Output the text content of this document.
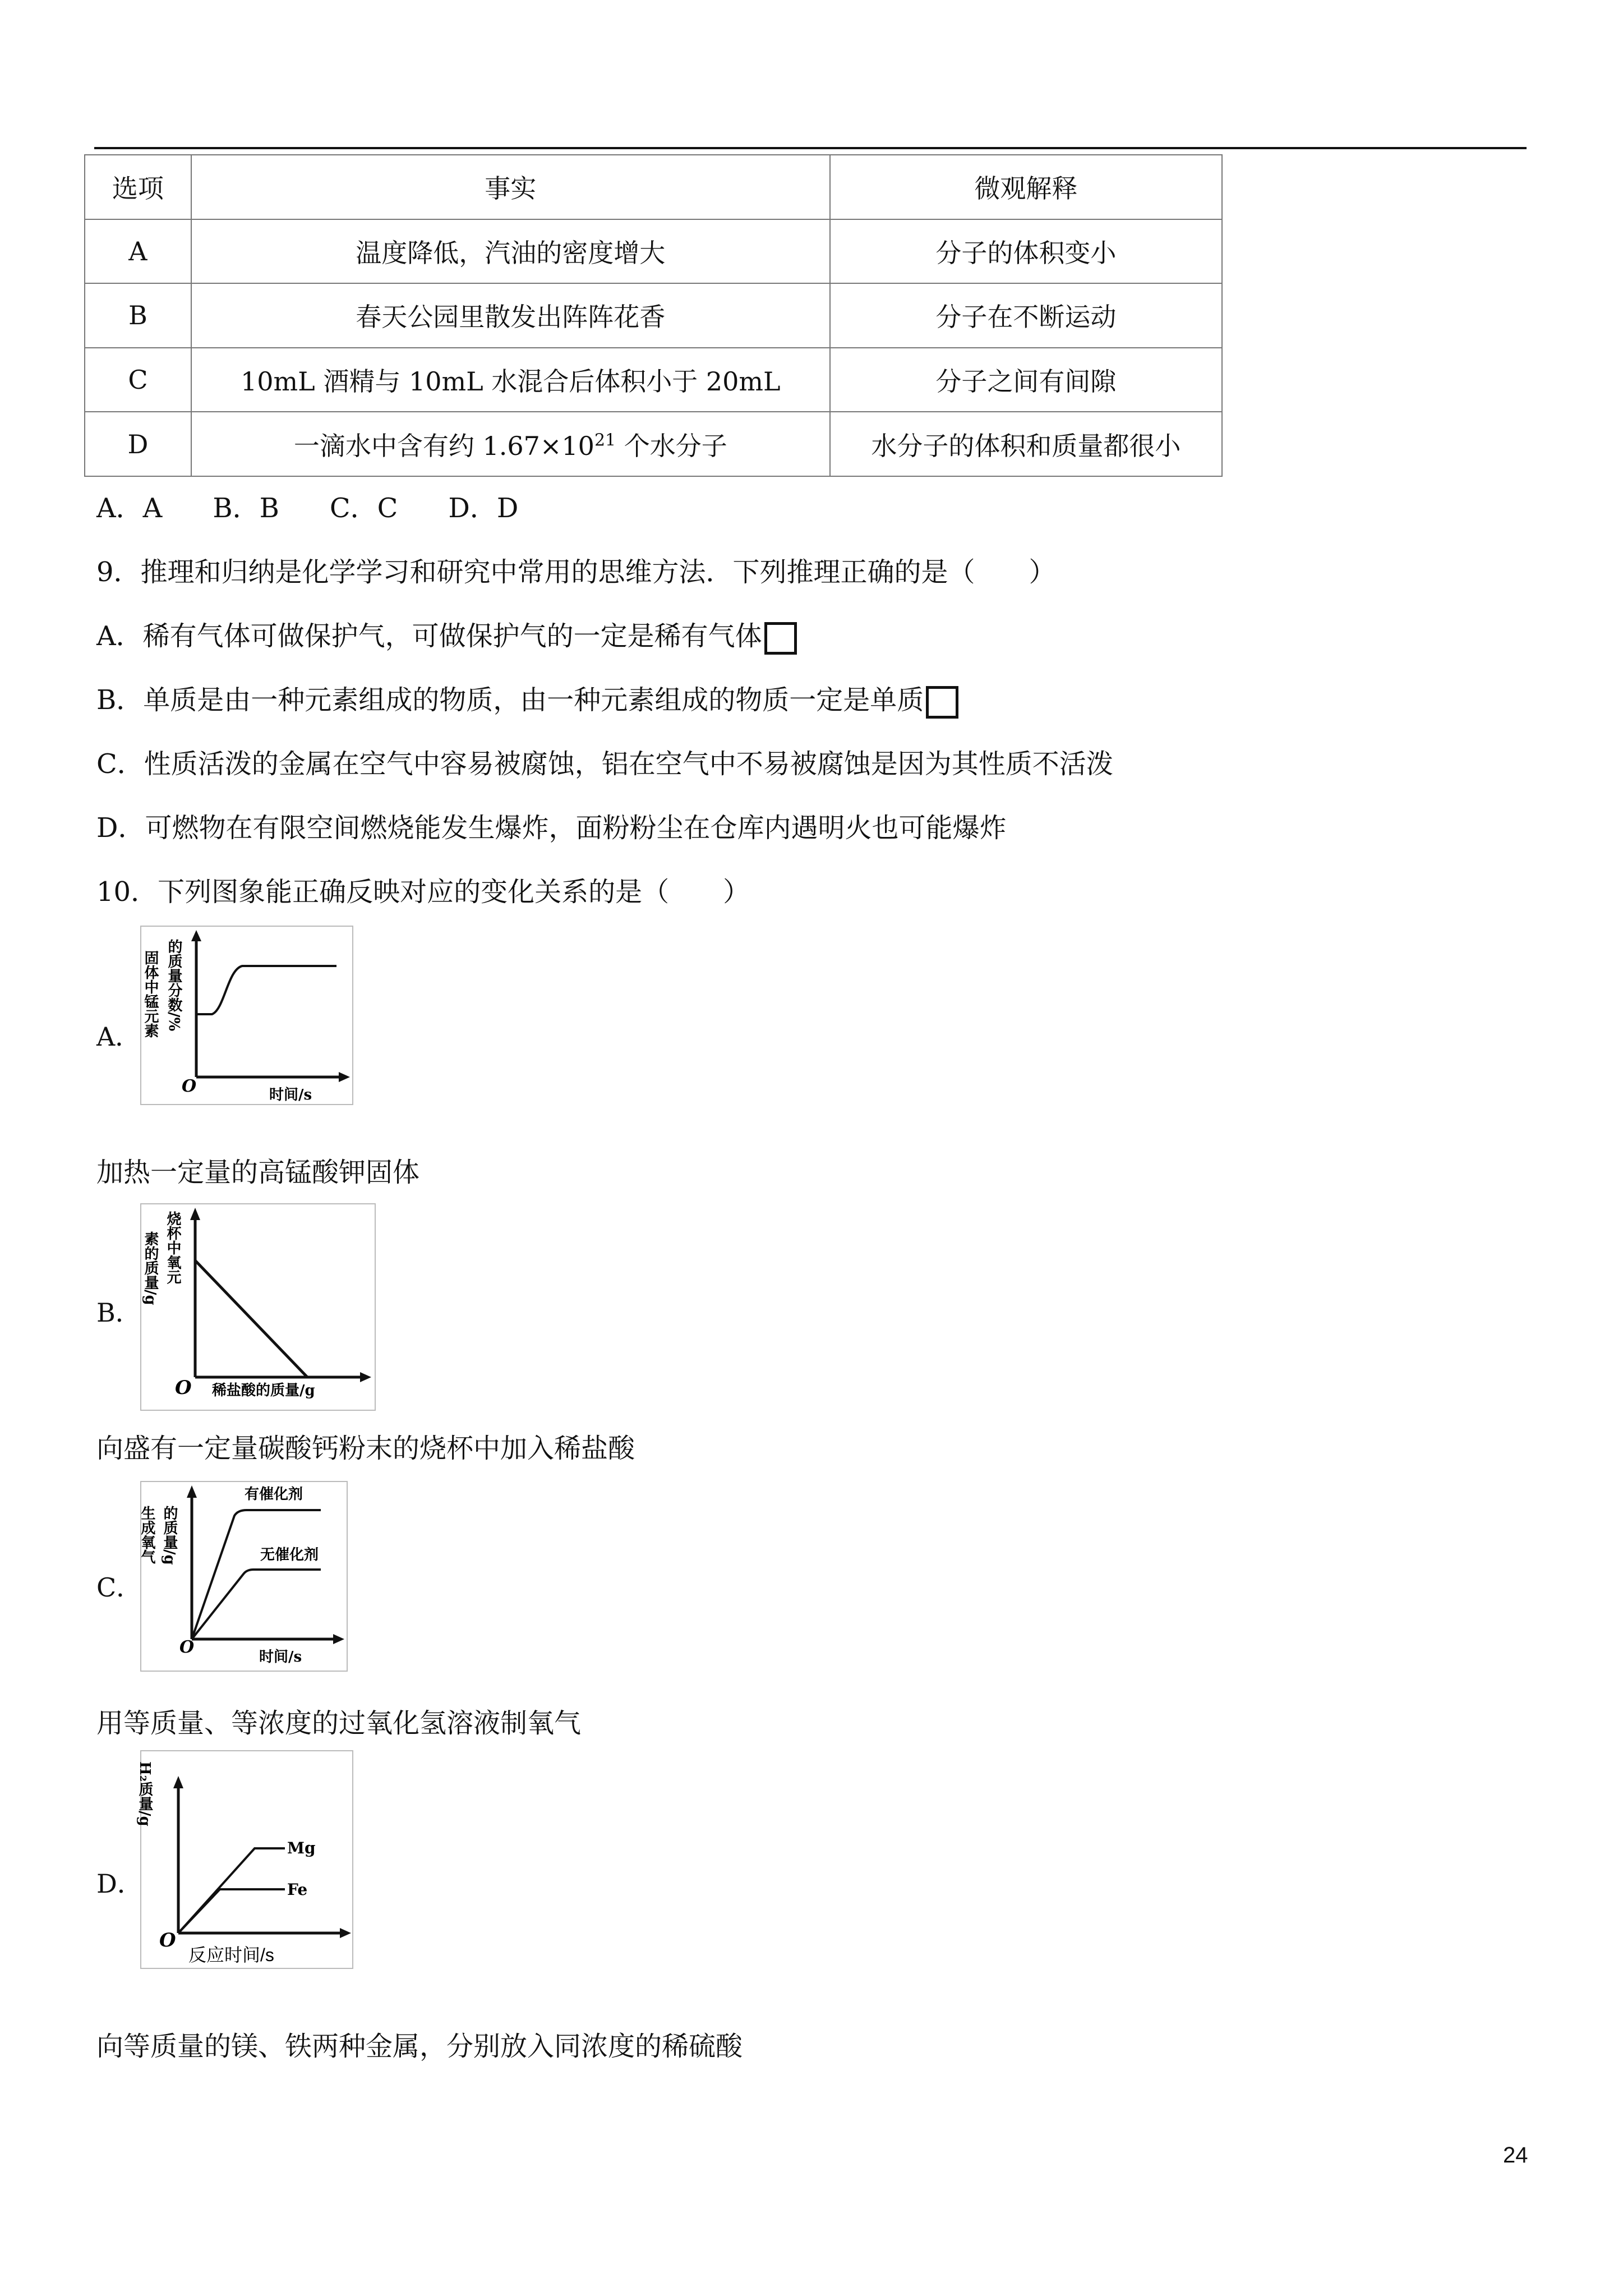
选项	事实	微观解释
A	温度降低，汽油的密度增大	分子的体积变小
B	春天公园里散发出阵阵花香	分子在不断运动
C	10mL 酒精与 10mL 水混合后体积小于 20mL	分子之间有间隙
D	一滴水中含有约 $1.67\times 10^{21}$ 个水分子	水分子的体积和质量都很小
A．A B．B C．C D．D
9．推理和归纳是化学学习和研究中常用的思维方法．下列推理正确的是（　　）
A．稀有气体可做保护气，可做保护气的一定是稀有气体
B．单质是由一种元素组成的物质，由一种元素组成的物质一定是单质
C．性质活泼的金属在空气中容易被腐蚀，铝在空气中不易被腐蚀是因为其性质不活泼
D．可燃物在有限空间燃烧能发生爆炸，面粉粉尘在仓库内遇明火也可能爆炸
10．下列图象能正确反映对应的变化关系的是（　　）
A． 固体中锰元素 的质量分数/%
O	时间/s
加热一定量的高锰酸钾固体
B．
素的质量/g 烧杯中氧元
O 稀盐酸的质量/g
向盛有一定量碳酸钙粉末的烧杯中加入稀盐酸
C．
生成氧气 的质量/g
O	时间/s
有催化剂
无催化剂
用等质量、等浓度的过氧化氢溶液制氧气
D．
H₂质量/g
O
反应时间/s
Mg
Fe
向等质量的镁、铁两种金属，分别放入同浓度的稀硫酸
24
